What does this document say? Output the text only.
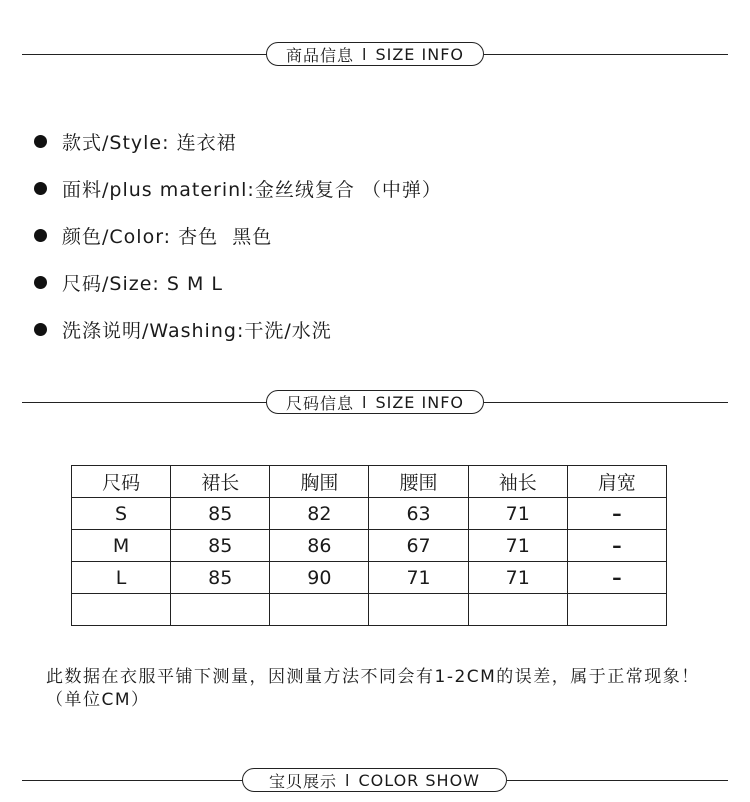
商品信息 l SIZE INFO
款式/Style: 连衣裙
面料/plus materinl:金丝绒复合 （中弹）
颜色/Color: 杏色  黑色
尺码/Size: S M L
洗涤说明/Washing:干洗/水洗
尺码信息 l SIZE INFO
尺码	裙长	胸围	腰围	袖长	肩宽
S	85	82	63	71	–
M	85	86	67	71	–
L	85	90	71	71	–

此数据在衣服平铺下测量，因测量方法不同会有1-2CM的误差，属于正常现象！（单位CM）
宝贝展示 l COLOR SHOW
